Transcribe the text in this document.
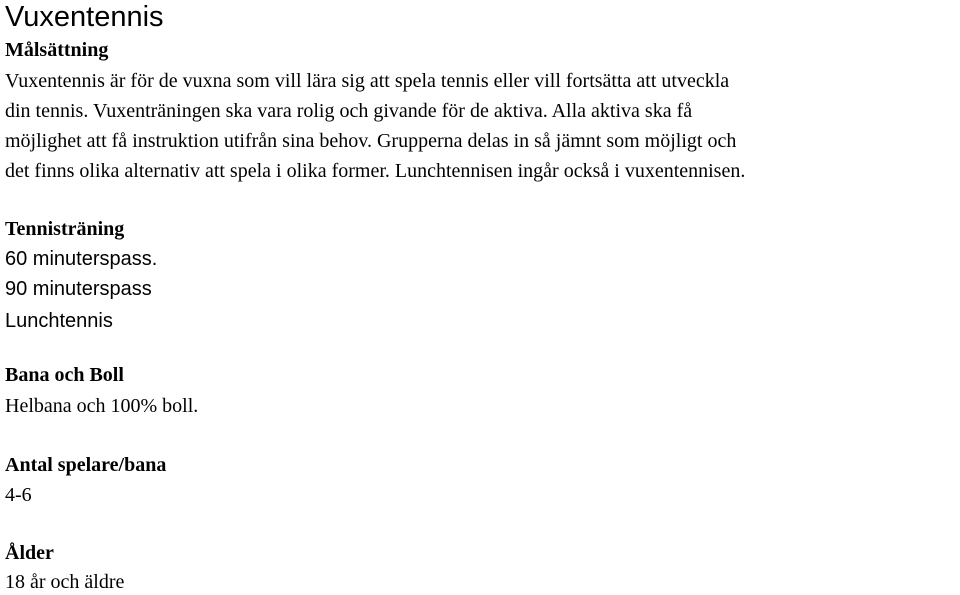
Vuxentennis
Målsättning
Vuxentennis är för de vuxna som vill lära sig att spela tennis eller vill fortsätta att utveckla
din tennis. Vuxenträningen ska vara rolig och givande för de aktiva. Alla aktiva ska få
möjlighet att få instruktion utifrån sina behov. Grupperna delas in så jämnt som möjligt och
det finns olika alternativ att spela i olika former. Lunchtennisen ingår också i vuxentennisen.
Tennisträning

60 minuterspass.

90 minuterspass

Lunchtennis

Bana och Boll

Helbana och 100% boll.

Antal spelare/bana

4-6

Ålder

18 år och äldre
